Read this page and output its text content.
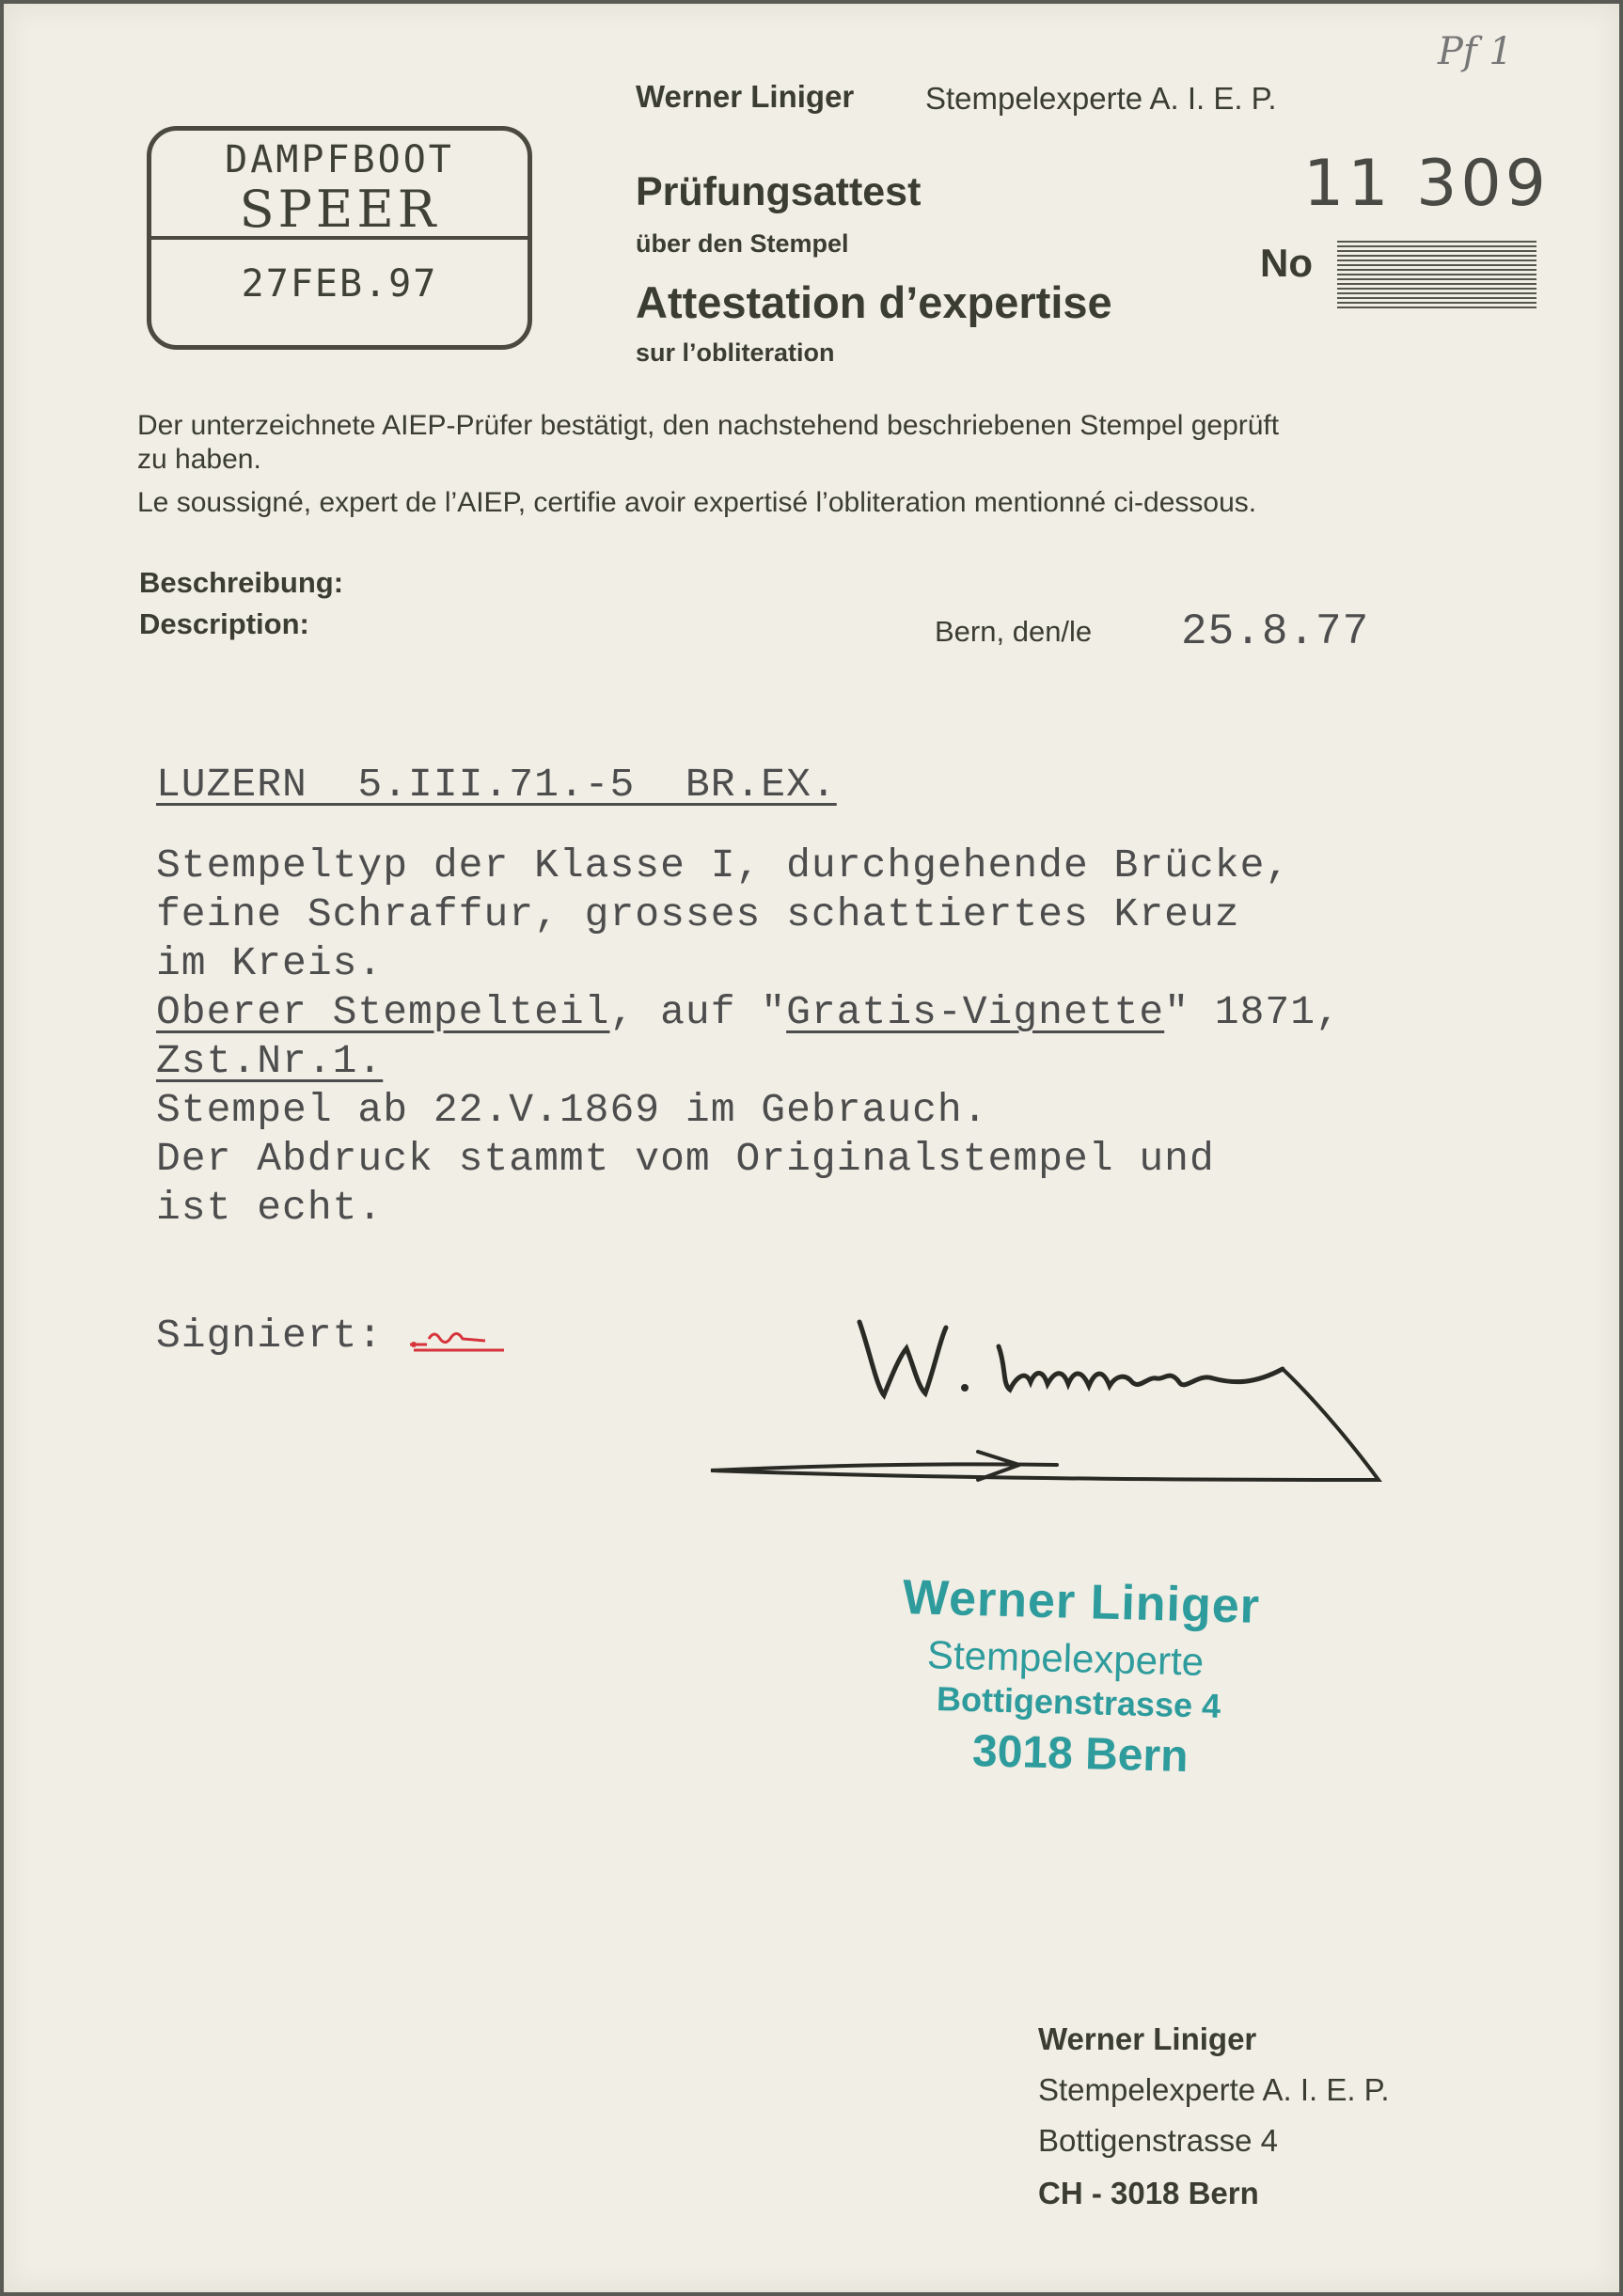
Pf 1
DAMPFBOOT
SPEER
27FEB.97
Werner Liniger Stempelexperte A. I. E. P.
Prüfungsattest
über den Stempel
Attestation d’expertise
sur l’obliteration
11 309
No
Der unterzeichnete AIEP-Prüfer bestätigt, den nachstehend beschriebenen Stempel geprüft
zu haben.
Le soussigné, expert de l’AIEP, certifie avoir expertisé l’obliteration mentionné ci-dessous.
Beschreibung:
Description:	Bern, den/le 25.8.77
LUZERN  5.III.71.-5  BR.EX.
Stempeltyp der Klasse I, durchgehende Brücke,
feine Schraffur, grosses schattiertes Kreuz
im Kreis.
Oberer Stempelteil, auf "Gratis-Vignette" 1871,
Zst.Nr.1.
Stempel ab 22.V.1869 im Gebrauch.
Der Abdruck stammt vom Originalstempel und
ist echt.
Signiert:
Werner Liniger
Stempelexperte
Bottigenstrasse 4
3018 Bern
Werner Liniger
Stempelexperte A. I. E. P.
Bottigenstrasse 4
CH - 3018 Bern
